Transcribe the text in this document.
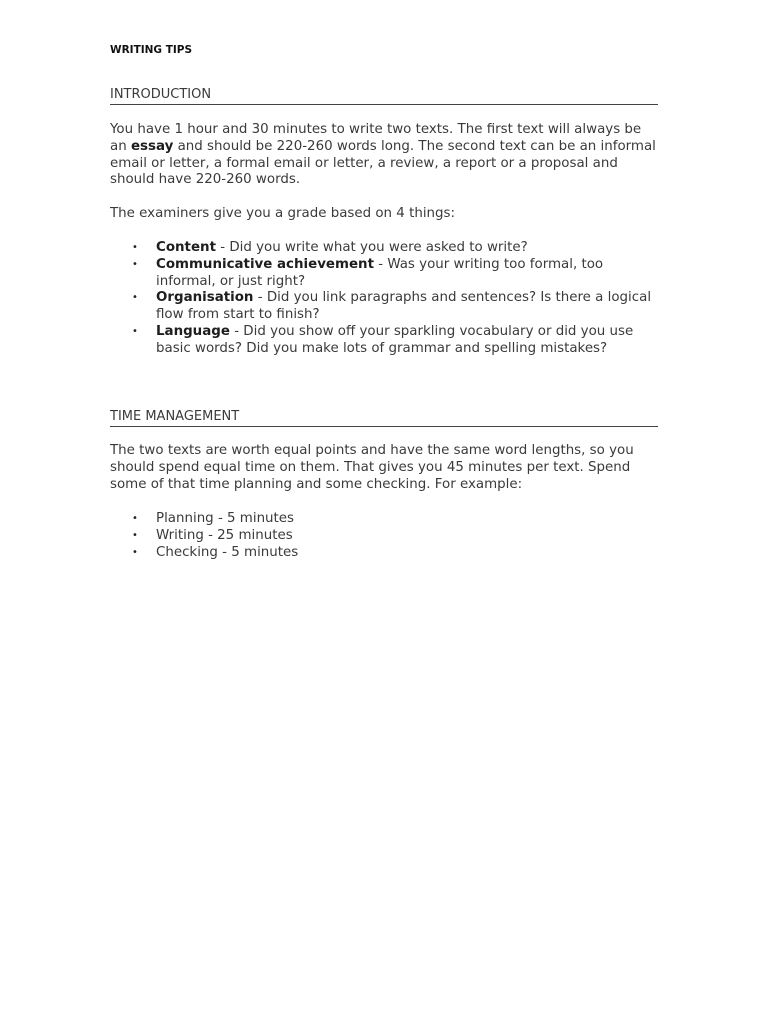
WRITING TIPS
INTRODUCTION

You have 1 hour and 30 minutes to write two texts. The first text will always be an essay and should be 220-260 words long. The second text can be an informal email or letter, a formal email or letter, a review, a report or a proposal and should have 220-260 words.

The examiners give you a grade based on 4 things:

• Content - Did you write what you were asked to write?
• Communicative achievement - Was your writing too formal, too informal, or just right?
• Organisation - Did you link paragraphs and sentences? Is there a logical flow from start to finish?
• Language - Did you show off your sparkling vocabulary or did you use basic words? Did you make lots of grammar and spelling mistakes?
TIME MANAGEMENT

The two texts are worth equal points and have the same word lengths, so you should spend equal time on them. That gives you 45 minutes per text. Spend some of that time planning and some checking. For example:

• Planning - 5 minutes
• Writing - 25 minutes
• Checking - 5 minutes
